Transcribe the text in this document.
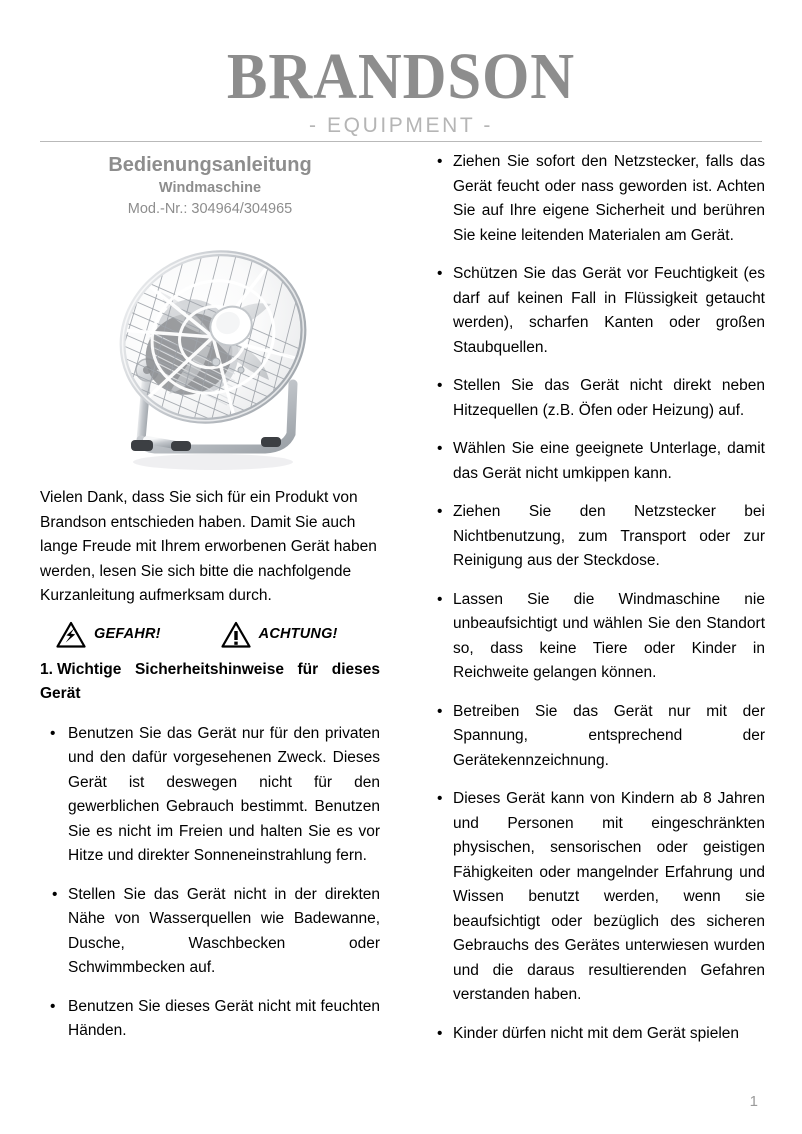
BRANDSON
- EQUIPMENT -
Bedienungsanleitung
Windmaschine
Mod.-Nr.: 304964/304965

Vielen Dank, dass Sie sich für ein Produkt von Brandson entschieden haben. Damit Sie auch lange Freude mit Ihrem erworbenen Gerät haben werden, lesen Sie sich bitte die nachfolgende Kurzanleitung aufmerksam durch.

GEFAHR!	ACHTUNG!
1. Wichtige Sicherheitshinweise für dieses Gerät
• Benutzen Sie das Gerät nur für den privaten und den dafür vorgesehenen Zweck. Dieses Gerät ist deswegen nicht für den gewerblichen Gebrauch bestimmt. Benutzen Sie es nicht im Freien und halten Sie es vor Hitze und direkter Sonneneinstrahlung fern.
• Stellen Sie das Gerät nicht in der direkten Nähe von Wasserquellen wie Badewanne, Dusche, Waschbecken oder Schwimmbecken auf.
• Benutzen Sie dieses Gerät nicht mit feuchten Händen.
• Ziehen Sie sofort den Netzstecker, falls das Gerät feucht oder nass geworden ist. Achten Sie auf Ihre eigene Sicherheit und berühren Sie keine leitenden Materialen am Gerät.
• Schützen Sie das Gerät vor Feuchtigkeit (es darf auf keinen Fall in Flüssigkeit getaucht werden), scharfen Kanten oder großen Staubquellen.
• Stellen Sie das Gerät nicht direkt neben Hitzequellen (z.B. Öfen oder Heizung) auf.
• Wählen Sie eine geeignete Unterlage, damit das Gerät nicht umkippen kann.
• Ziehen Sie den Netzstecker bei Nichtbenutzung, zum Transport oder zur Reinigung aus der Steckdose.
• Lassen Sie die Windmaschine nie unbeaufsichtigt und wählen Sie den Standort so, dass keine Tiere oder Kinder in Reichweite gelangen können.
• Betreiben Sie das Gerät nur mit der Spannung, entsprechend der Gerätekennzeichnung.
• Dieses Gerät kann von Kindern ab 8 Jahren und Personen mit eingeschränkten physischen, sensorischen oder geistigen Fähigkeiten oder mangelnder Erfahrung und Wissen benutzt werden, wenn sie beaufsichtigt oder bezüglich des sicheren Gebrauchs des Gerätes unterwiesen wurden und die daraus resultierenden Gefahren verstanden haben.
• Kinder dürfen nicht mit dem Gerät spielen
1
